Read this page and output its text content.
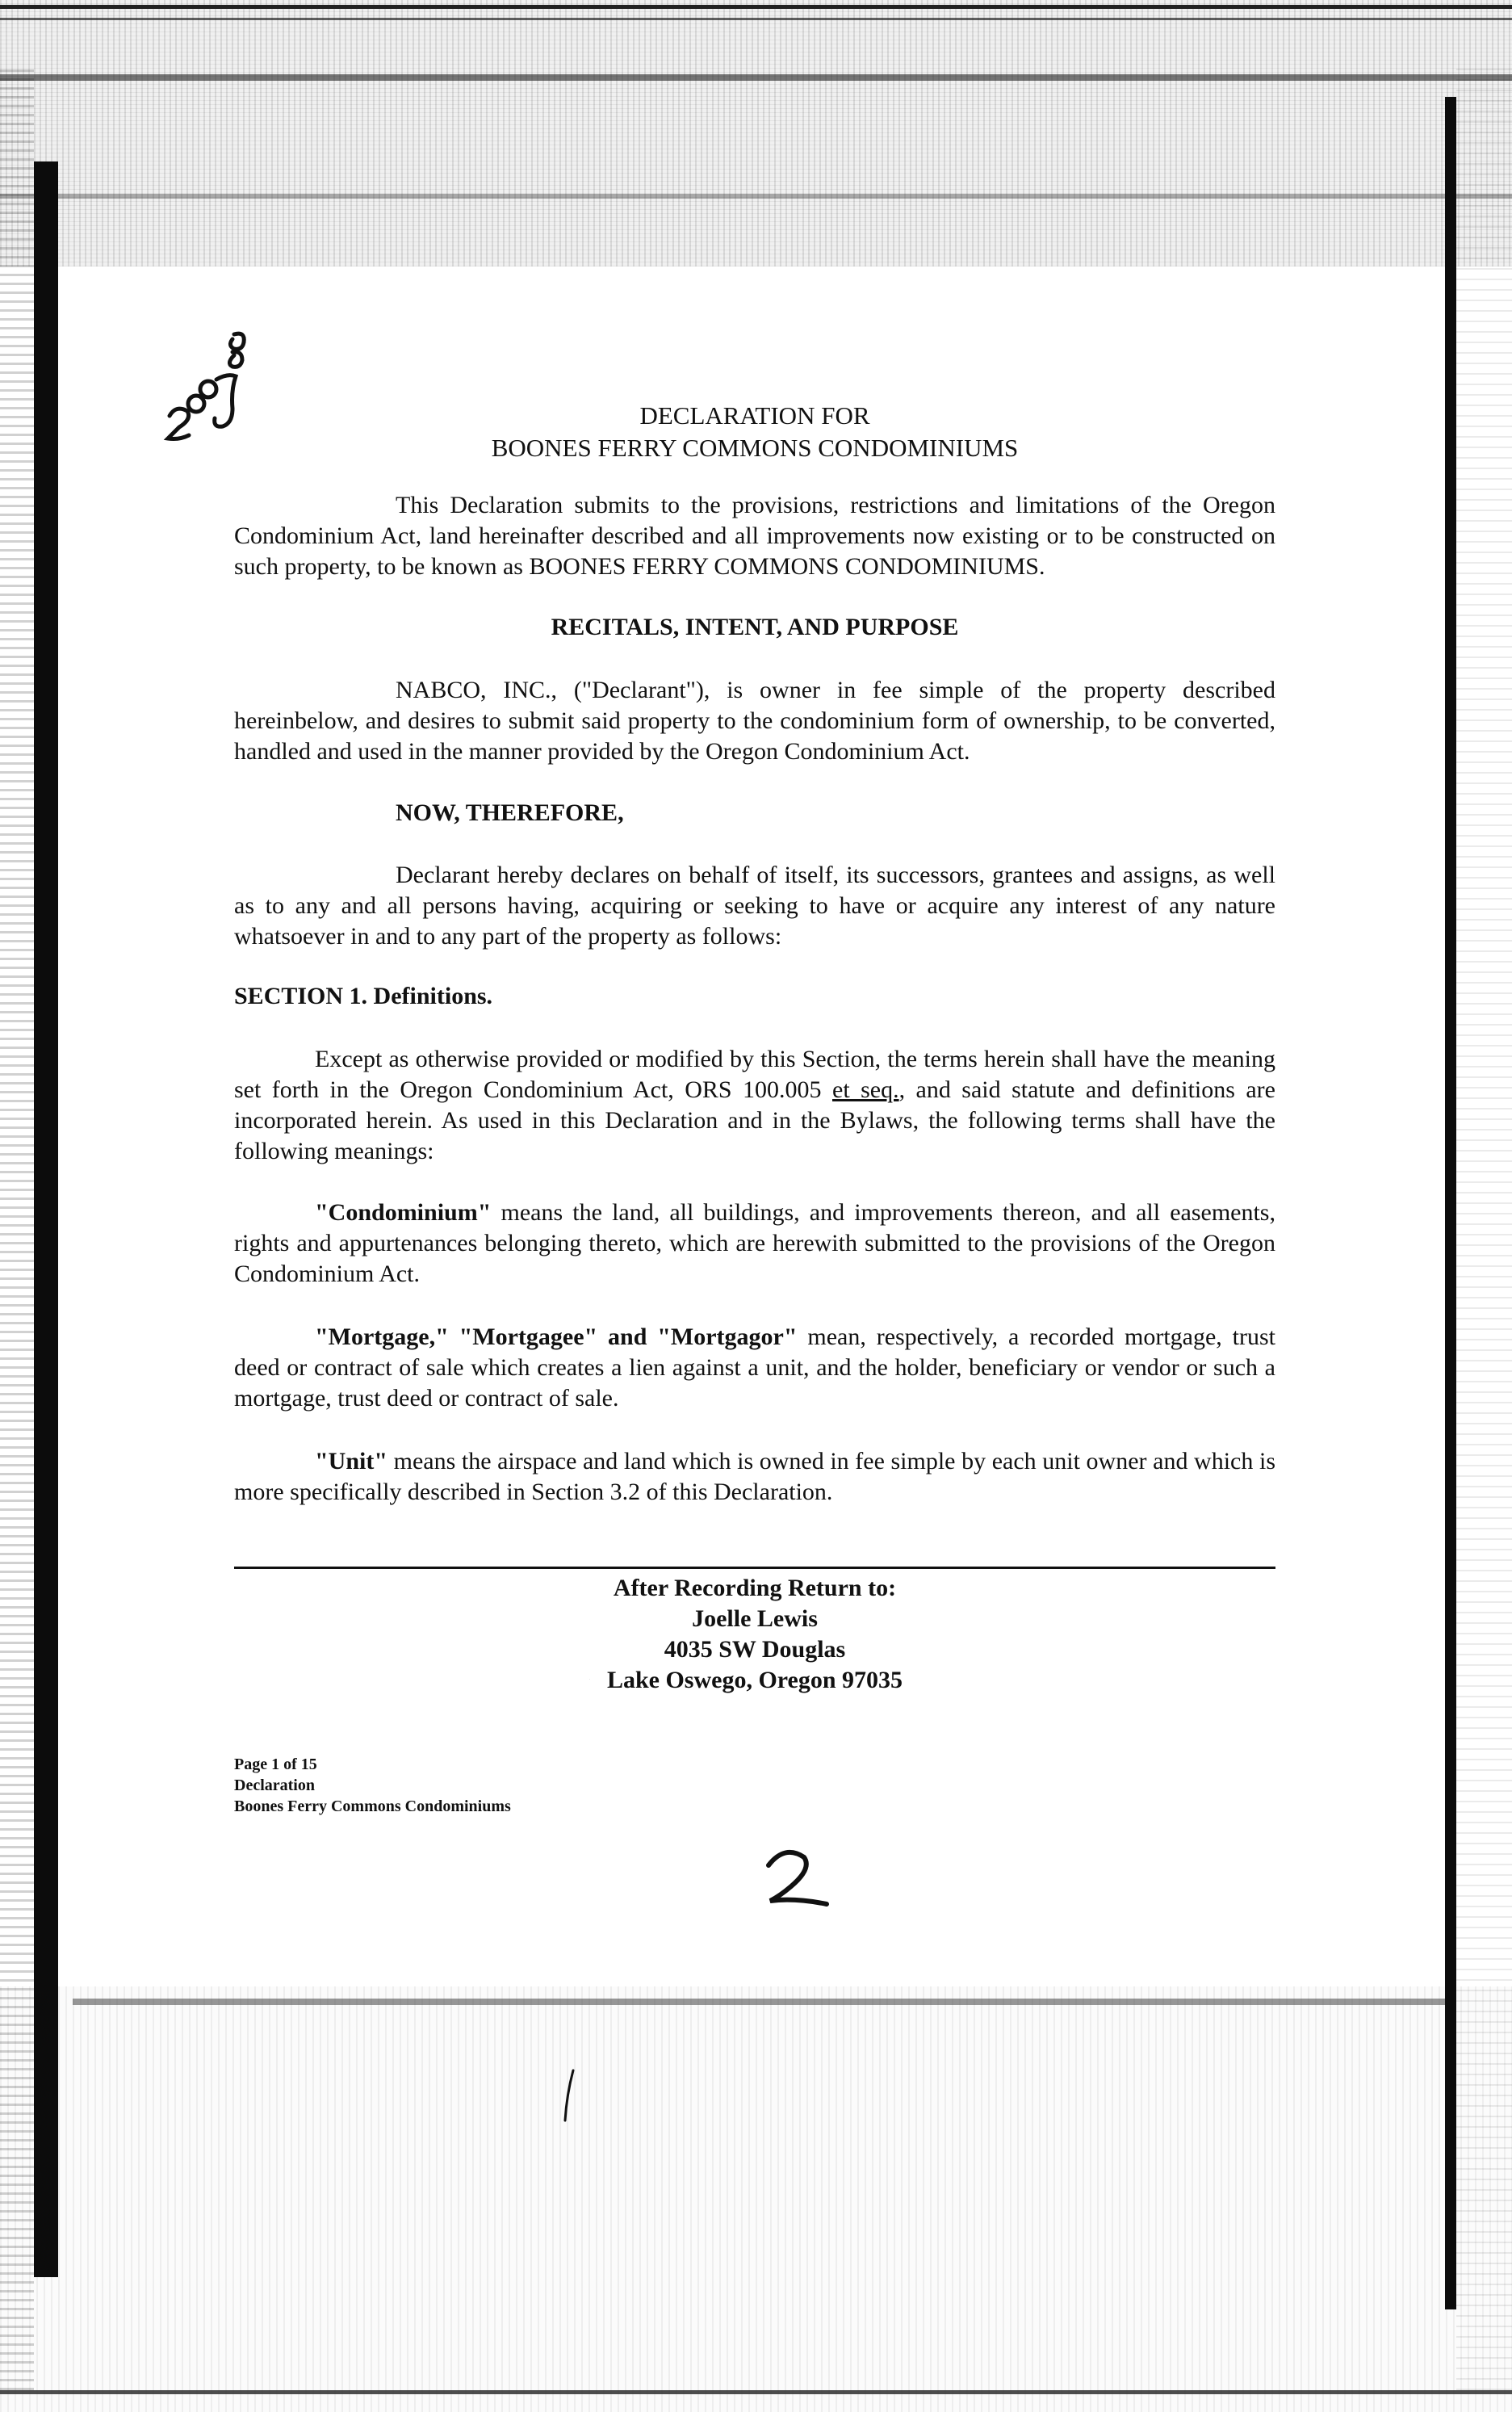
DECLARATION FOR
BOONES FERRY COMMONS CONDOMINIUMS
This Declaration submits to the provisions, restrictions and limitations of the Oregon Condominium Act, land hereinafter described and all improvements now existing or to be constructed on such property, to be known as BOONES FERRY COMMONS CONDOMINIUMS.
RECITALS, INTENT, AND PURPOSE
NABCO, INC., ("Declarant"), is owner in fee simple of the property described hereinbelow, and desires to submit said property to the condominium form of ownership, to be converted, handled and used in the manner provided by the Oregon Condominium Act.
NOW, THEREFORE,
Declarant hereby declares on behalf of itself, its successors, grantees and assigns, as well as to any and all persons having, acquiring or seeking to have or acquire any interest of any nature whatsoever in and to any part of the property as follows:
SECTION 1. Definitions.
Except as otherwise provided or modified by this Section, the terms herein shall have the meaning set forth in the Oregon Condominium Act, ORS 100.005 et seq., and said statute and definitions are incorporated herein. As used in this Declaration and in the Bylaws, the following terms shall have the following meanings:
"Condominium" means the land, all buildings, and improvements thereon, and all easements, rights and appurtenances belonging thereto, which are herewith submitted to the provisions of the Oregon Condominium Act.
"Mortgage," "Mortgagee" and "Mortgagor" mean, respectively, a recorded mortgage, trust deed or contract of sale which creates a lien against a unit, and the holder, beneficiary or vendor or such a mortgage, trust deed or contract of sale.
"Unit" means the airspace and land which is owned in fee simple by each unit owner and which is more specifically described in Section 3.2 of this Declaration.
After Recording Return to:
Joelle Lewis
4035 SW Douglas
Lake Oswego, Oregon 97035
Page 1 of 15
Declaration
Boones Ferry Commons Condominiums
2
